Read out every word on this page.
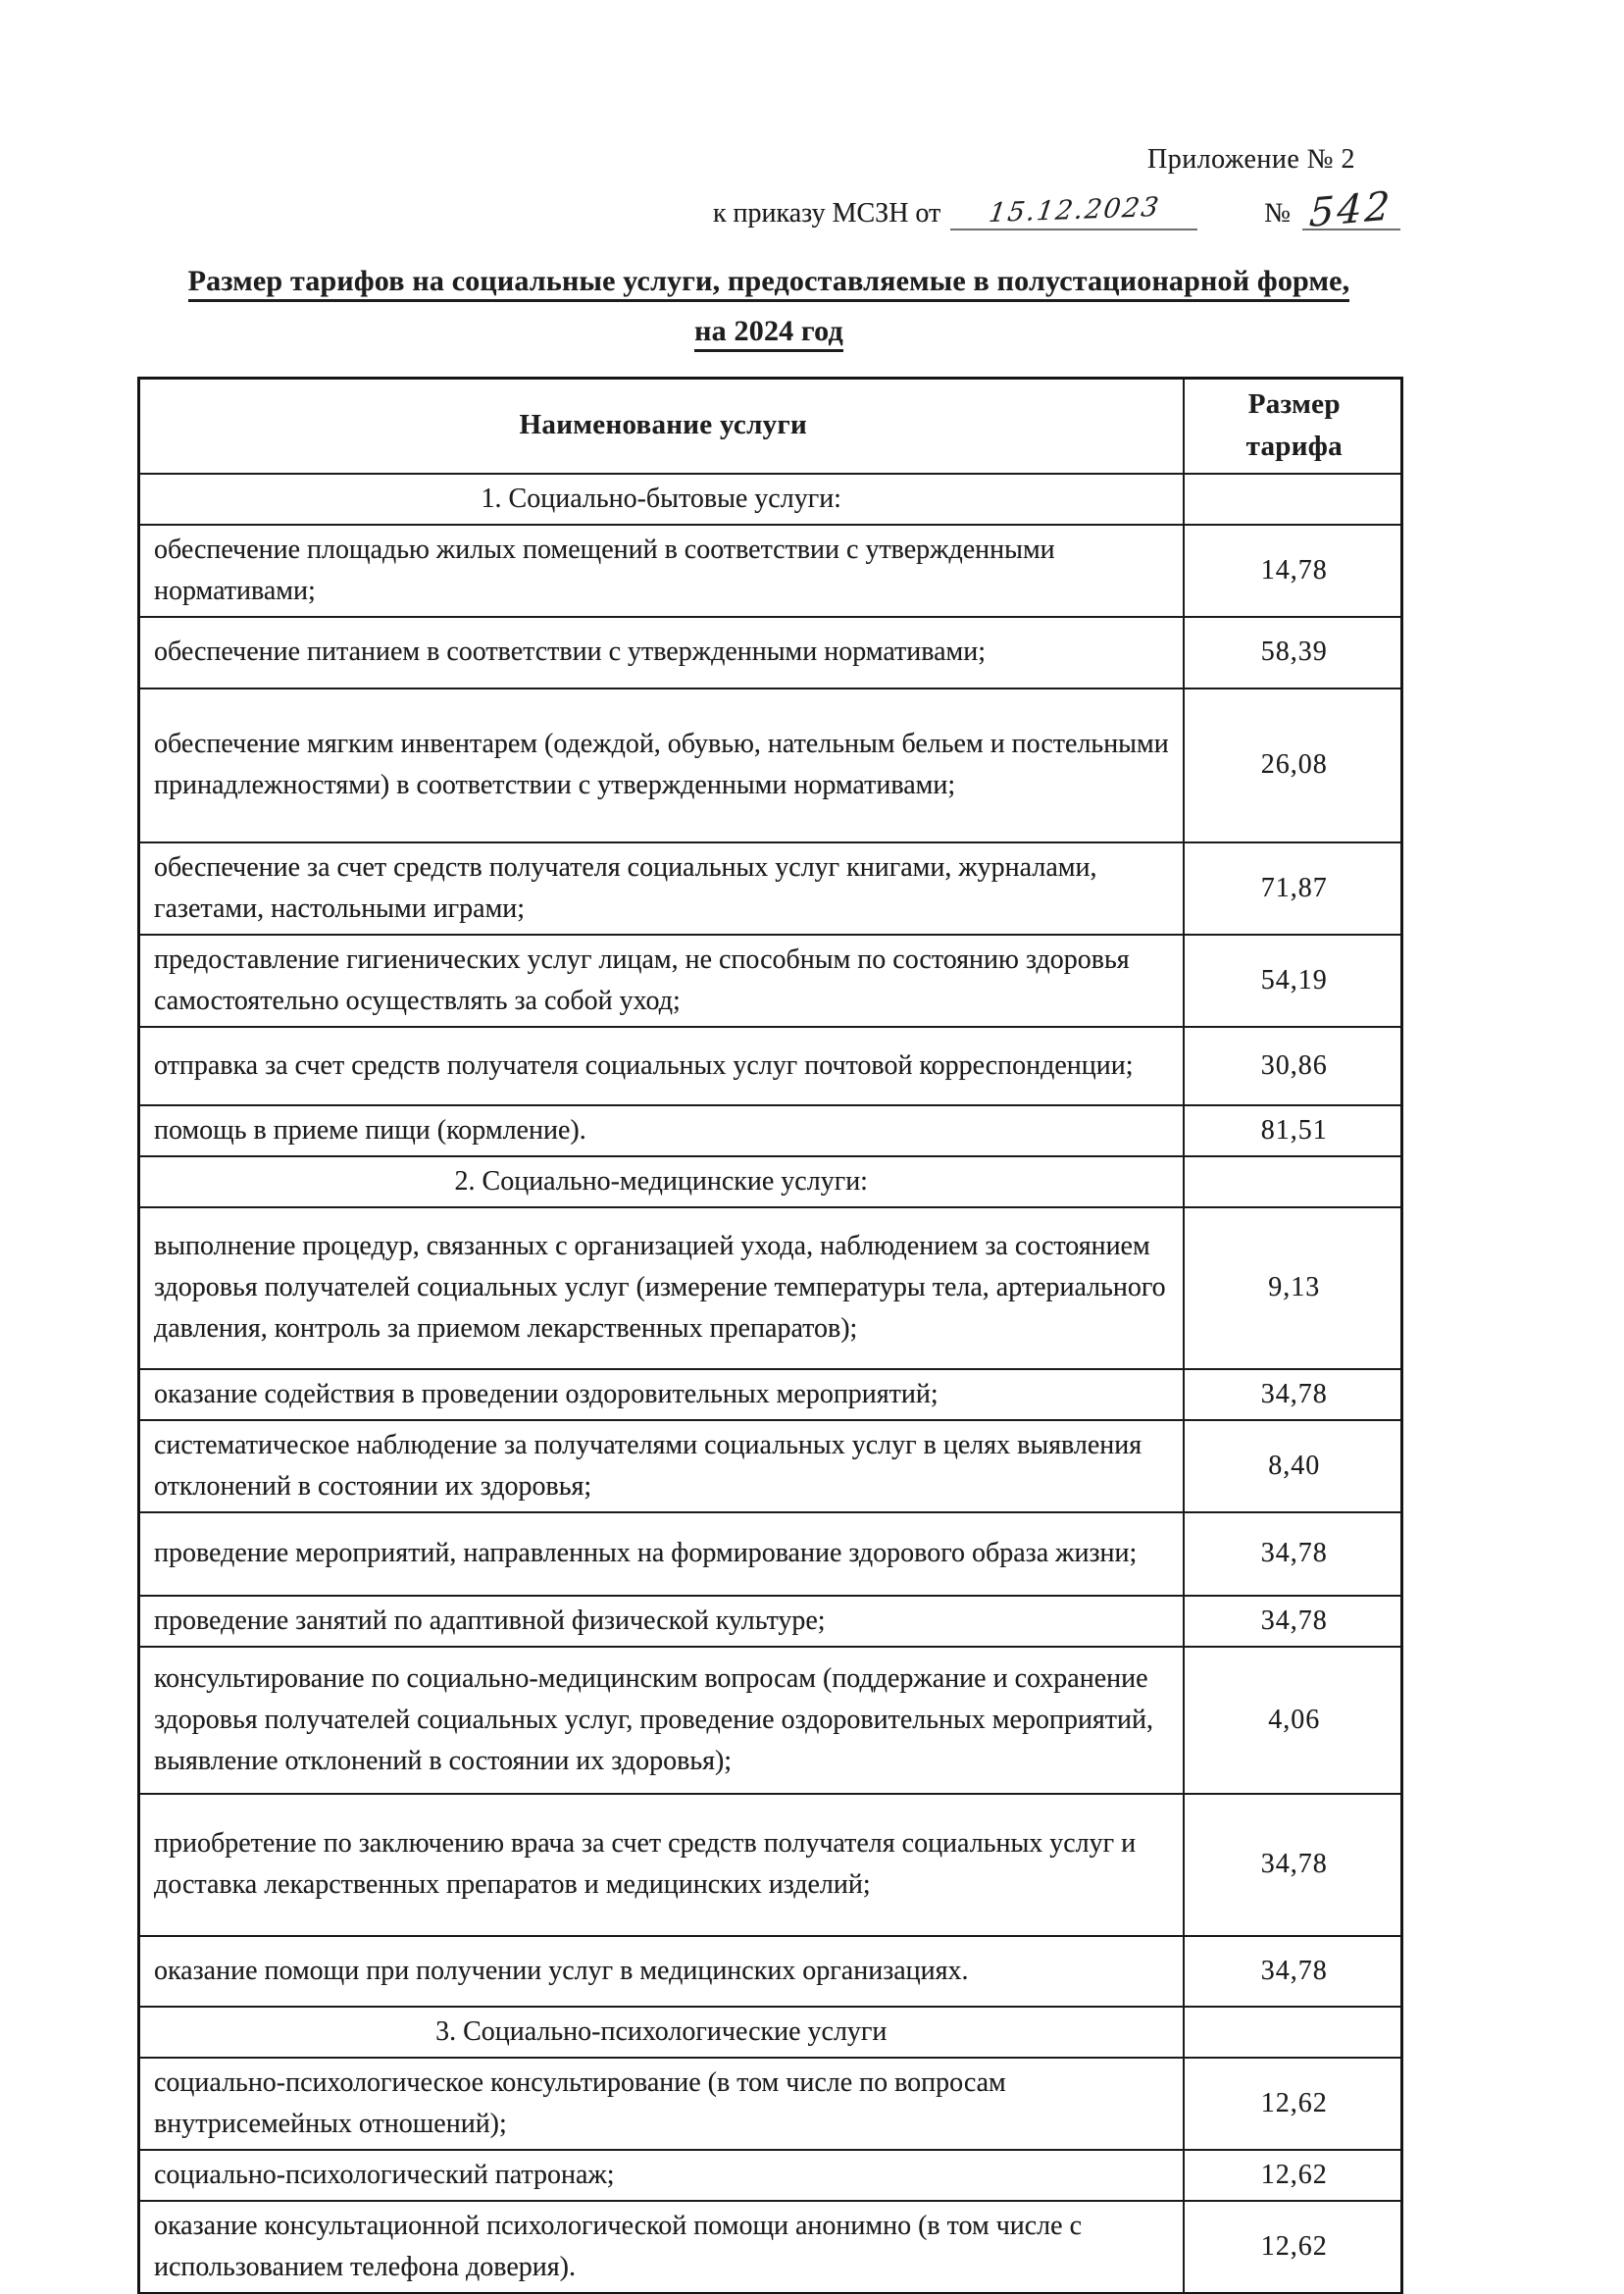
Приложение № 2
к приказу МСЗН от	15.12.2023	№ 542
Размер тарифов на социальные услуги, предоставляемые в полустационарной форме,
на 2024 год
Наименование услуги	Размер тарифа
1. Социально-бытовые услуги:	
обеспечение площадью жилых помещений в соответствии с утвержденными нормативами;	14,78
обеспечение питанием в соответствии с утвержденными нормативами;	58,39
обеспечение мягким инвентарем (одеждой, обувью, нательным бельем и постельными принадлежностями) в соответствии с утвержденными нормативами;	26,08
обеспечение за счет средств получателя социальных услуг книгами, журналами, газетами, настольными играми;	71,87
предоставление гигиенических услуг лицам, не способным по состоянию здоровья самостоятельно осуществлять за собой уход;	54,19
отправка за счет средств получателя социальных услуг почтовой корреспонденции;	30,86
помощь в приеме пищи (кормление).	81,51
2. Социально-медицинские услуги:	
выполнение процедур, связанных с организацией ухода, наблюдением за состоянием здоровья получателей социальных услуг (измерение температуры тела, артериального давления, контроль за приемом лекарственных препаратов);	9,13
оказание содействия в проведении оздоровительных мероприятий;	34,78
систематическое наблюдение за получателями социальных услуг в целях выявления отклонений в состоянии их здоровья;	8,40
проведение мероприятий, направленных на формирование здорового образа жизни;	34,78
проведение занятий по адаптивной физической культуре;	34,78
консультирование по социально-медицинским вопросам (поддержание и сохранение здоровья получателей социальных услуг, проведение оздоровительных мероприятий, выявление отклонений в состоянии их здоровья);	4,06
приобретение по заключению врача за счет средств получателя социальных услуг и доставка лекарственных препаратов и медицинских изделий;	34,78
оказание помощи при получении услуг в медицинских организациях.	34,78
3. Социально-психологические услуги	
социально-психологическое консультирование (в том числе по вопросам внутрисемейных отношений);	12,62
социально-психологический патронаж;	12,62
оказание консультационной психологической помощи анонимно (в том числе с использованием телефона доверия).	12,62
